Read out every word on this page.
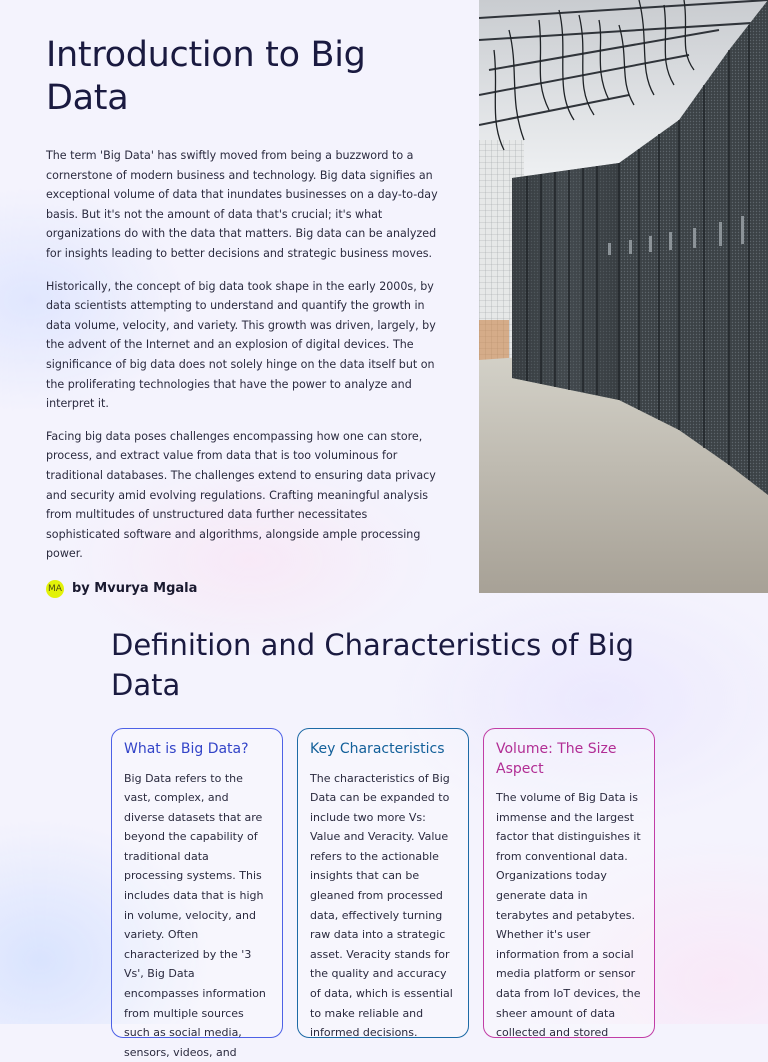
Introduction to Big Data

The term 'Big Data' has swiftly moved from being a buzzword to a cornerstone of modern business and technology. Big data signifies an exceptional volume of data that inundates businesses on a day-to-day basis. But it's not the amount of data that's crucial; it's what organizations do with the data that matters. Big data can be analyzed for insights leading to better decisions and strategic business moves.

Historically, the concept of big data took shape in the early 2000s, by data scientists attempting to understand and quantify the growth in data volume, velocity, and variety. This growth was driven, largely, by the advent of the Internet and an explosion of digital devices. The significance of big data does not solely hinge on the data itself but on the proliferating technologies that have the power to analyze and interpret it.

Facing big data poses challenges encompassing how one can store, process, and extract value from data that is too voluminous for traditional databases. The challenges extend to ensuring data privacy and security amid evolving regulations. Crafting meaningful analysis from multitudes of unstructured data further necessitates sophisticated software and algorithms, alongside ample processing power.

MA by Mvurya Mgala
Definition and Characteristics of Big Data
What is Big Data?

Big Data refers to the vast, complex, and diverse datasets that are beyond the capability of traditional data processing systems. This includes data that is high in volume, velocity, and variety. Often characterized by the '3 Vs', Big Data encompasses information from multiple sources such as social media, sensors, videos, and

Key Characteristics

The characteristics of Big Data can be expanded to include two more Vs: Value and Veracity. Value refers to the actionable insights that can be gleaned from processed data, effectively turning raw data into a strategic asset. Veracity stands for the quality and accuracy of data, which is essential to make reliable and informed decisions.

Volume: The Size Aspect

The volume of Big Data is immense and the largest factor that distinguishes it from conventional data. Organizations today generate data in terabytes and petabytes. Whether it's user information from a social media platform or sensor data from IoT devices, the sheer amount of data collected and stored
